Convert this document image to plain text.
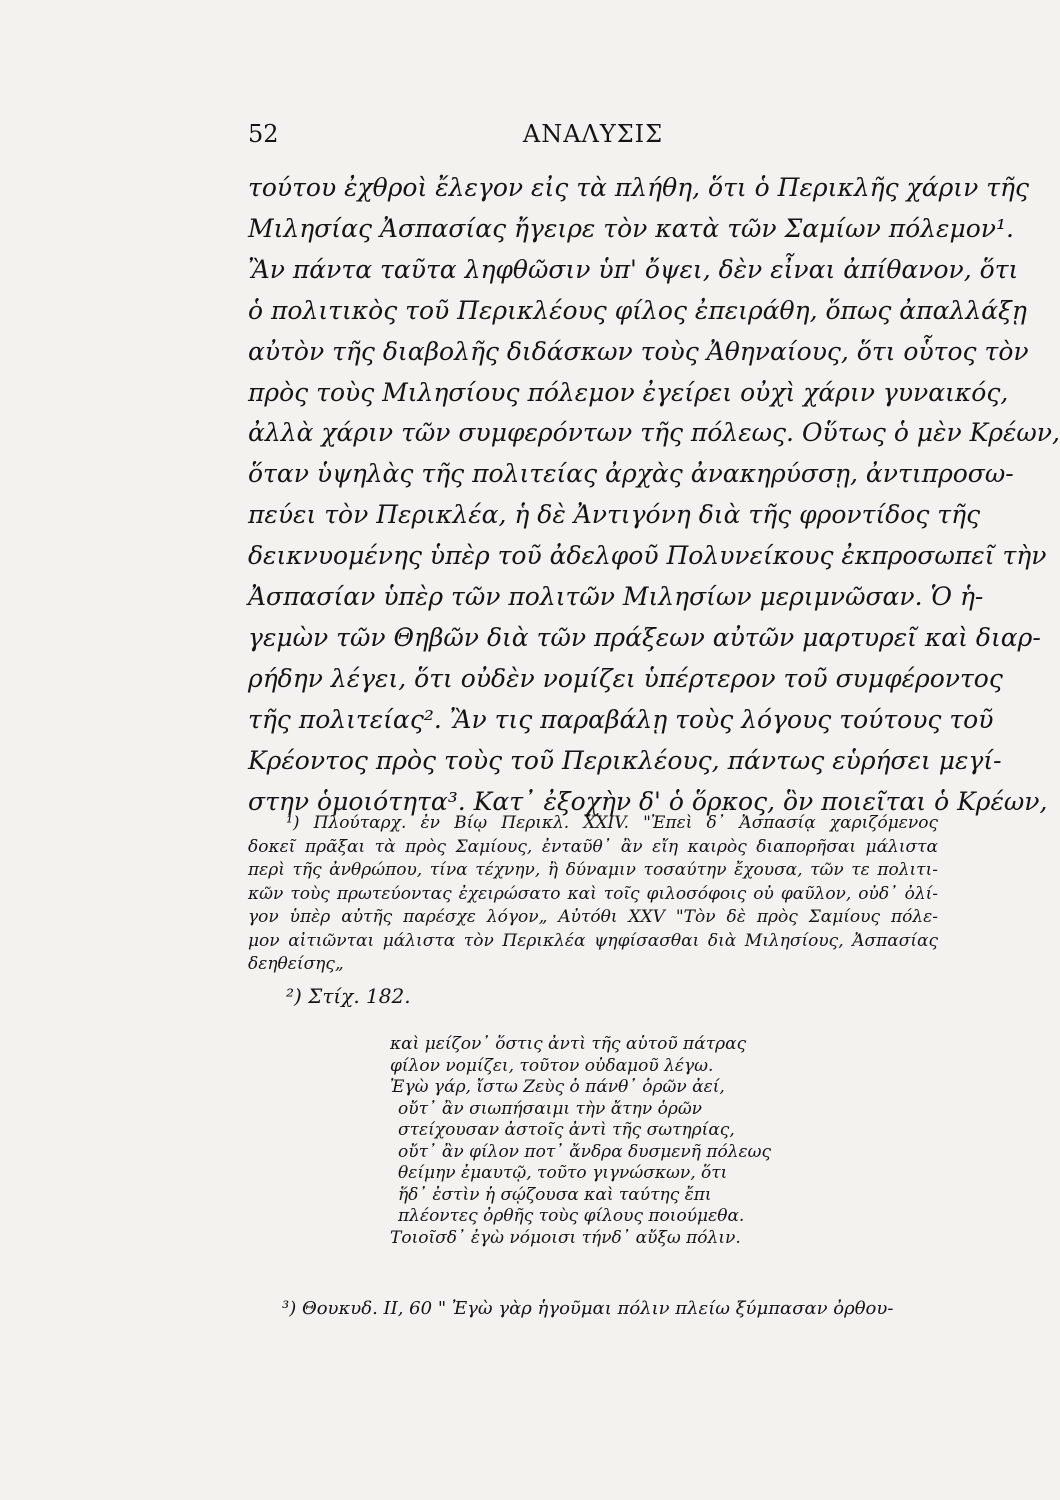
52	ΑΝΑΛΥΣΙΣ
τούτου ἐχθροὶ ἔλεγον εἰς τὰ πλήθη, ὅτι ὁ Περικλῆς χάριν τῆς
Μιλησίας Ἀσπασίας ἤγειρε τὸν κατὰ τῶν Σαμίων πόλεμον¹.
Ἂν πάντα ταῦτα ληφθῶσιν ὑπ' ὄψει, δὲν εἶναι ἀπίθανον, ὅτι
ὁ πολιτικὸς τοῦ Περικλέους φίλος ἐπειράθη, ὅπως ἀπαλλάξῃ
αὐτὸν τῆς διαβολῆς διδάσκων τοὺς Ἀθηναίους, ὅτι οὗτος τὸν
πρὸς τοὺς Μιλησίους πόλεμον ἐγείρει οὐχὶ χάριν γυναικός,
ἀλλὰ χάριν τῶν συμφερόντων τῆς πόλεως. Οὕτως ὁ μὲν Κρέων,
ὅταν ὑψηλὰς τῆς πολιτείας ἀρχὰς ἀνακηρύσσῃ, ἀντιπροσω-
πεύει τὸν Περικλέα, ἡ δὲ Ἀντιγόνη διὰ τῆς φροντίδος τῆς
δεικνυομένης ὑπὲρ τοῦ ἀδελφοῦ Πολυνείκους ἐκπροσωπεῖ τὴν
Ἀσπασίαν ὑπὲρ τῶν πολιτῶν Μιλησίων μεριμνῶσαν. Ὁ ἡ-
γεμὼν τῶν Θηβῶν διὰ τῶν πράξεων αὐτῶν μαρτυρεῖ καὶ διαρ-
ρήδην λέγει, ὅτι οὐδὲν νομίζει ὑπέρτερον τοῦ συμφέροντος
τῆς πολιτείας². Ἂν τις παραβάλῃ τοὺς λόγους τούτους τοῦ
Κρέοντος πρὸς τοὺς τοῦ Περικλέους, πάντως εὑρήσει μεγί-
στην ὁμοιότητα³. Κατ᾽ ἐξοχὴν δ' ὁ ὅρκος, ὃν ποιεῖται ὁ Κρέων,
¹) Πλούταρχ. ἐν Βίῳ Περικλ. XXIV. "Ἐπεὶ δ᾽ Ἀσπασίᾳ χαριζόμενος
δοκεῖ πρᾶξαι τὰ πρὸς Σαμίους, ἐνταῦθ᾽ ἂν εἴη καιρὸς διαπορῆσαι μάλιστα
περὶ τῆς ἀνθρώπου, τίνα τέχνην, ἢ δύναμιν τοσαύτην ἔχουσα, τῶν τε πολιτι-
κῶν τοὺς πρωτεύοντας ἐχειρώσατο καὶ τοῖς φιλοσόφοις οὐ φαῦλον, οὐδ᾽ ὀλί-
γον ὑπὲρ αὐτῆς παρέσχε λόγον„ Αὐτόθι XXV "Τὸν δὲ πρὸς Σαμίους πόλε-
μον αἰτιῶνται μάλιστα τὸν Περικλέα ψηφίσασθαι διὰ Μιλησίους, Ἀσπασίας
δεηθείσης„
²) Στίχ. 182.
καὶ μείζον᾽ ὅστις ἀντὶ τῆς αὑτοῦ πάτρας
φίλον νομίζει, τοῦτον οὐδαμοῦ λέγω.
Ἐγὼ γάρ, ἴστω Ζεὺς ὁ πάνθ᾽ ὁρῶν ἀεί,
οὔτ᾽ ἂν σιωπήσαιμι τὴν ἄτην ὁρῶν
στείχουσαν ἀστοῖς ἀντὶ τῆς σωτηρίας,
οὔτ᾽ ἂν φίλον ποτ᾽ ἄνδρα δυσμενῆ πόλεως
θείμην ἐμαυτῷ, τοῦτο γιγνώσκων, ὅτι
ἥδ᾽ ἐστὶν ἡ σῴζουσα καὶ ταύτης ἔπι
πλέοντες ὀρθῆς τοὺς φίλους ποιούμεθα.
Τοιοῖσδ᾽ ἐγὼ νόμοισι τήνδ᾽ αὔξω πόλιν.
³) Θουκυδ. ΙΙ, 60 " Ἐγὼ γὰρ ἡγοῦμαι πόλιν πλείω ξύμπασαν ὀρθου-
